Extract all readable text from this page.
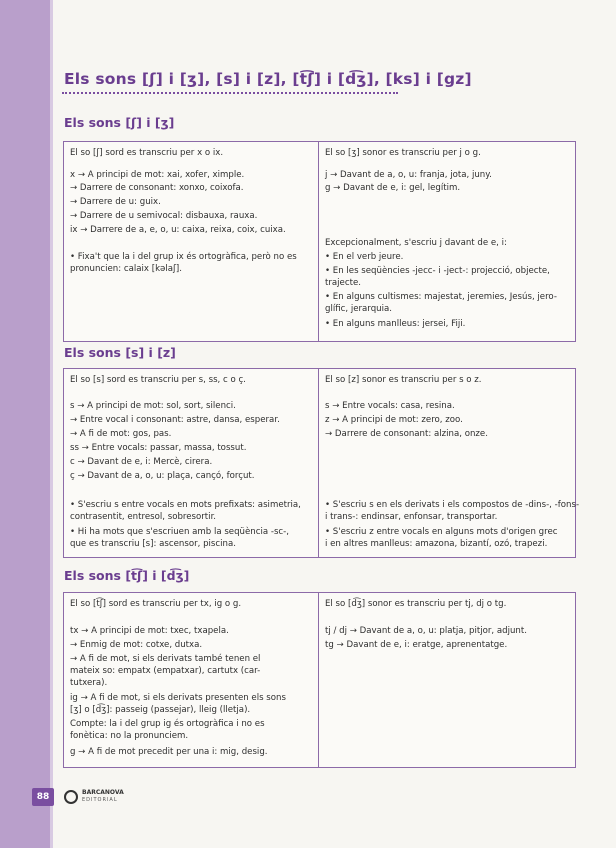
Els sons [ʃ] i [ʒ], [s] i [z], [t͡ʃ] i [d͡ʒ], [ks] i [gz]
Els sons [ʃ] i [ʒ]
El so [ʃ] sord es transcriu per x o ix.
x → A principi de mot: xai, xofer, ximple.
→ Darrere de consonant: xonxo, coixofa.
→ Darrere de u: guix.
→ Darrere de u semivocal: disbauxa, rauxa.
ix → Darrere de a, e, o, u: caixa, reixa, coix, cuixa.
• Fixa't que la i del grup ix és ortogràfica, però no es
pronuncien: calaix [kəlaʃ].
El so [ʒ] sonor es transcriu per j o g.
j → Davant de a, o, u: franja, jota, juny.
g → Davant de e, i: gel, legítim.
Excepcionalment, s'escriu j davant de e, i:
• En el verb jeure.
• En les seqüències -jecc- i -ject-: projecció, objecte,
trajecte.
• En alguns cultismes: majestat, jeremies, Jesús, jero-
glífic, jerarquia.
• En alguns manlleus: jersei, Fiji.
Els sons [s] i [z]
El so [s] sord es transcriu per s, ss, c o ç.
s → A principi de mot: sol, sort, silenci.
→ Entre vocal i consonant: astre, dansa, esperar.
→ A fi de mot: gos, pas.
ss → Entre vocals: passar, massa, tossut.
c → Davant de e, i: Mercè, cirera.
ç → Davant de a, o, u: plaça, cançó, forçut.
• S'escriu s entre vocals en mots prefixats: asimetria,
contrasentit, entresol, sobresortir.
• Hi ha mots que s'escriuen amb la seqüència -sc-,
que es transcriu [s]: ascensor, piscina.
El so [z] sonor es transcriu per s o z.
s → Entre vocals: casa, resina.
z → A principi de mot: zero, zoo.
→ Darrere de consonant: alzina, onze.
• S'escriu s en els derivats i els compostos de -dins-, -fons-
i trans-: endinsar, enfonsar, transportar.
• S'escriu z entre vocals en alguns mots d'origen grec
i en altres manlleus: amazona, bizantí, ozó, trapezi.
Els sons [t͡ʃ] i [d͡ʒ]
El so [t͡ʃ] sord es transcriu per tx, ig o g.
tx → A principi de mot: txec, txapela.
→ Enmig de mot: cotxe, dutxa.
→ A fi de mot, si els derivats també tenen el
mateix so: empatx (empatxar), cartutx (car-
tutxera).
ig → A fi de mot, si els derivats presenten els sons
[ʒ] o [d͡ʒ]: passeig (passejar), lleig (lletja).
Compte: la i del grup ig és ortogràfica i no es
fonètica: no la pronunciem.
g → A fi de mot precedit per una i: mig, desig.
El so [d͡ʒ] sonor es transcriu per tj, dj o tg.
tj / dj → Davant de a, o, u: platja, pitjor, adjunt.
tg → Davant de e, i: eratge, aprenentatge.
88	BARCANOVA
EDITORIAL
